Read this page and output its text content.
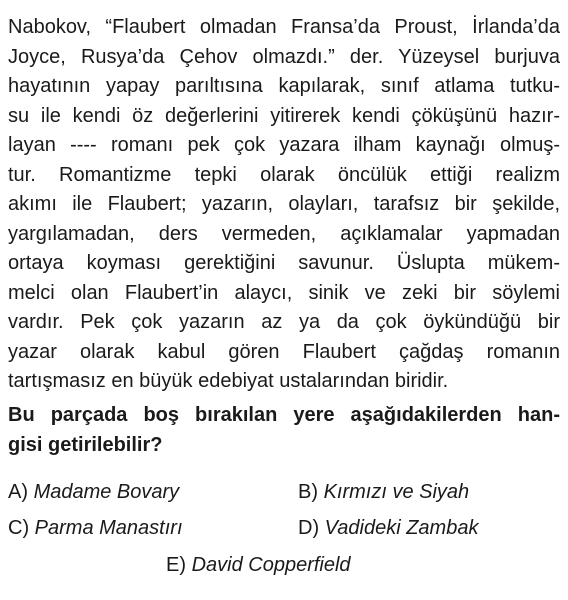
Nabokov, “Flaubert olmadan Fransa’da Proust, İrlanda’da
Joyce, Rusya’da Çehov olmazdı.” der. Yüzeysel burjuva
hayatının yapay parıltısına kapılarak, sınıf atlama tutku-
su ile kendi öz değerlerini yitirerek kendi çöküşünü hazır-
layan ---- romanı pek çok yazara ilham kaynağı olmuş-
tur. Romantizme tepki olarak öncülük ettiği realizm
akımı ile Flaubert; yazarın, olayları, tarafsız bir şekilde,
yargılamadan, ders vermeden, açıklamalar yapmadan
ortaya koyması gerektiğini savunur. Üslupta mükem-
melci olan Flaubert’in alaycı, sinik ve zeki bir söylemi
vardır. Pek çok yazarın az ya da çok öykündüğü bir
yazar olarak kabul gören Flaubert çağdaş romanın
tartışmasız en büyük edebiyat ustalarından biridir.
Bu parçada boş bırakılan yere aşağıdakilerden han-
gisi getirilebilir?
A) Madame Bovary	B) Kırmızı ve Siyah
C) Parma Manastırı	D) Vadideki Zambak
E) David Copperfield
